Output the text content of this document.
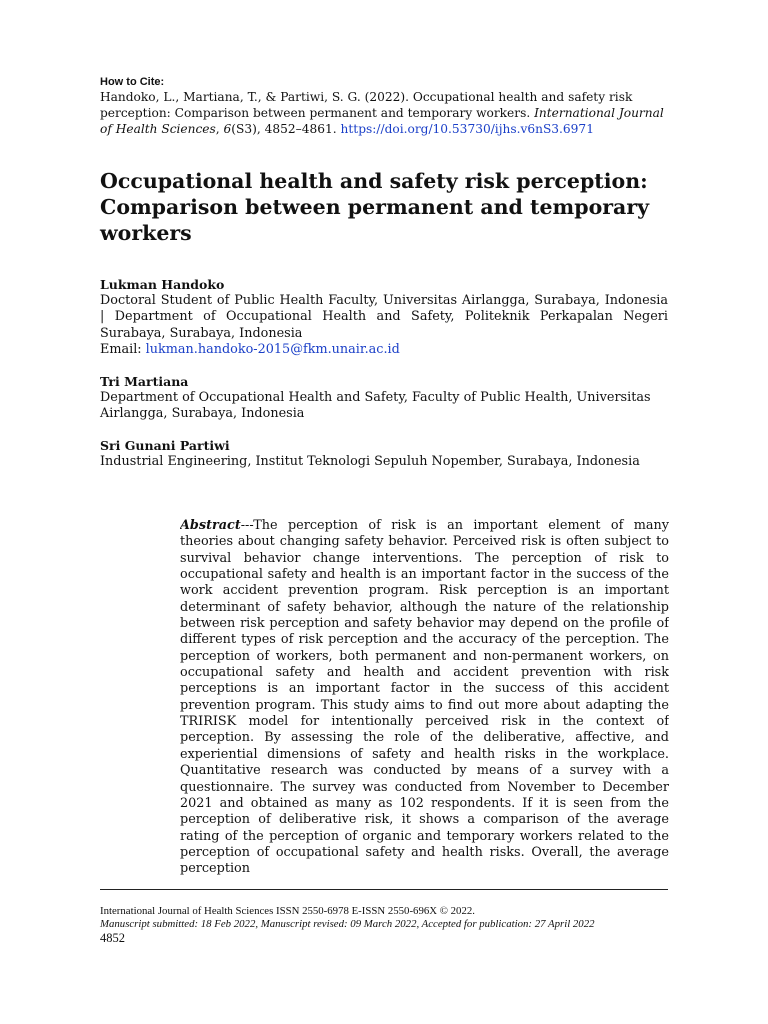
How to Cite:
Handoko, L., Martiana, T., & Partiwi, S. G. (2022). Occupational health and safety risk perception: Comparison between permanent and temporary workers. International Journal of Health Sciences, 6(S3), 4852–4861. https://doi.org/10.53730/ijhs.v6nS3.6971
Occupational health and safety risk perception: Comparison between permanent and temporary workers
Lukman Handoko
Doctoral Student of Public Health Faculty, Universitas Airlangga, Surabaya, Indonesia | Department of Occupational Health and Safety, Politeknik Perkapalan Negeri Surabaya, Surabaya, Indonesia
Email: lukman.handoko-2015@fkm.unair.ac.id
Tri Martiana
Department of Occupational Health and Safety, Faculty of Public Health, Universitas Airlangga, Surabaya, Indonesia
Sri Gunani Partiwi
Industrial Engineering, Institut Teknologi Sepuluh Nopember, Surabaya, Indonesia
Abstract---The perception of risk is an important element of many theories about changing safety behavior. Perceived risk is often subject to survival behavior change interventions. The perception of risk to occupational safety and health is an important factor in the success of the work accident prevention program. Risk perception is an important determinant of safety behavior, although the nature of the relationship between risk perception and safety behavior may depend on the profile of different types of risk perception and the accuracy of the perception. The perception of workers, both permanent and non-permanent workers, on occupational safety and health and accident prevention with risk perceptions is an important factor in the success of this accident prevention program. This study aims to find out more about adapting the TRIRISK model for intentionally perceived risk in the context of perception. By assessing the role of the deliberative, affective, and experiential dimensions of safety and health risks in the workplace. Quantitative research was conducted by means of a survey with a questionnaire. The survey was conducted from November to December 2021 and obtained as many as 102 respondents. If it is seen from the perception of deliberative risk, it shows a comparison of the average rating of the perception of organic and temporary workers related to the perception of occupational safety and health risks. Overall, the average perception
International Journal of Health Sciences ISSN 2550-6978 E-ISSN 2550-696X © 2022.
Manuscript submitted: 18 Feb 2022, Manuscript revised: 09 March 2022, Accepted for publication: 27 April 2022
4852
